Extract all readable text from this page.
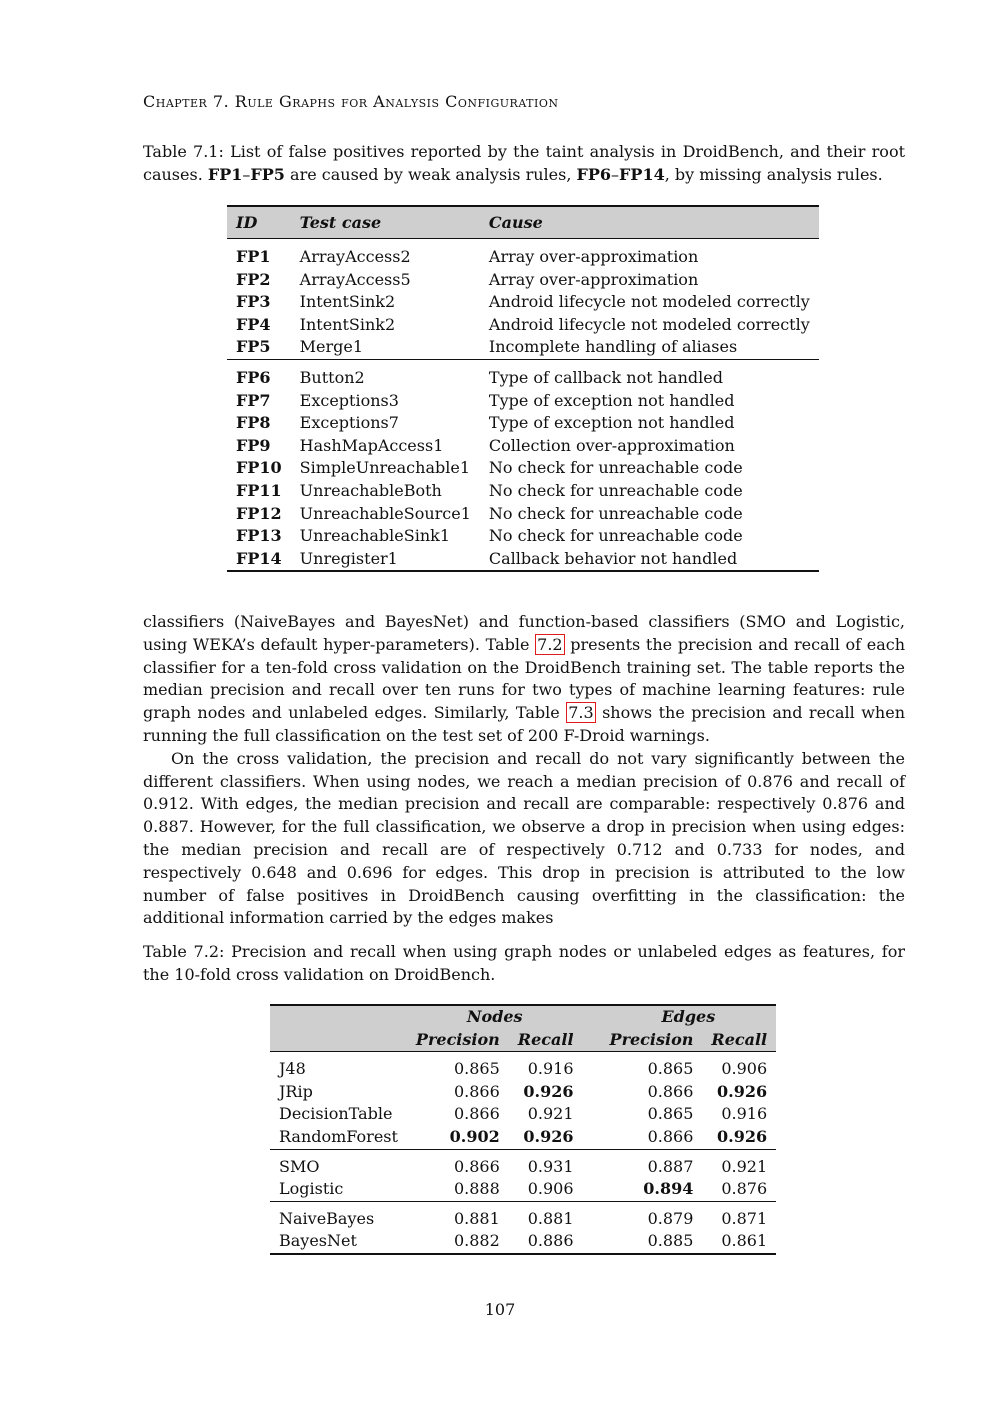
Chapter 7. Rule Graphs for Analysis Configuration
Table 7.1: List of false positives reported by the taint analysis in DroidBench, and their root causes. FP1–FP5 are caused by weak analysis rules, FP6–FP14, by missing analysis rules.
ID	Test case	Cause

FP1	ArrayAccess2	Array over-approximation
FP2	ArrayAccess5	Array over-approximation
FP3	IntentSink2	Android lifecycle not modeled correctly
FP4	IntentSink2	Android lifecycle not modeled correctly
FP5	Merge1	Incomplete handling of aliases

FP6	Button2	Type of callback not handled
FP7	Exceptions3	Type of exception not handled
FP8	Exceptions7	Type of exception not handled
FP9	HashMapAccess1	Collection over-approximation
FP10	SimpleUnreachable1	No check for unreachable code
FP11	UnreachableBoth	No check for unreachable code
FP12	UnreachableSource1	No check for unreachable code
FP13	UnreachableSink1	No check for unreachable code
FP14	Unregister1	Callback behavior not handled

classifiers (NaiveBayes and BayesNet) and function-based classifiers (SMO and Logistic, using WEKA’s default hyper-parameters). Table 7.2 presents the precision and recall of each classifier for a ten-fold cross validation on the DroidBench training set. The table reports the median precision and recall over ten runs for two types of machine learning features: rule graph nodes and unlabeled edges. Similarly, Table 7.3 shows the precision and recall when running the full classification on the test set of 200 F-Droid warnings.

On the cross validation, the precision and recall do not vary significantly between the different classifiers. When using nodes, we reach a median precision of 0.876 and recall of 0.912. With edges, the median precision and recall are comparable: respectively 0.876 and 0.887. However, for the full classification, we observe a drop in precision when using edges: the median precision and recall are of respectively 0.712 and 0.733 for nodes, and respectively 0.648 and 0.696 for edges. This drop in precision is attributed to the low number of false positives in DroidBench causing overfitting in the classification: the additional information carried by the edges makes

Table 7.2: Precision and recall when using graph nodes or unlabeled edges as features, for the 10-fold cross validation on DroidBench.
	Nodes			Edges	
	Precision	Recall		Precision	Recall

J48	0.865	0.916		0.865	0.906
JRip	0.866	0.926		0.866	0.926
DecisionTable	0.866	0.921		0.865	0.916
RandomForest	0.902	0.926		0.866	0.926

SMO	0.866	0.931		0.887	0.921
Logistic	0.888	0.906		0.894	0.876

NaiveBayes	0.881	0.881		0.879	0.871
BayesNet	0.882	0.886		0.885	0.861
107
